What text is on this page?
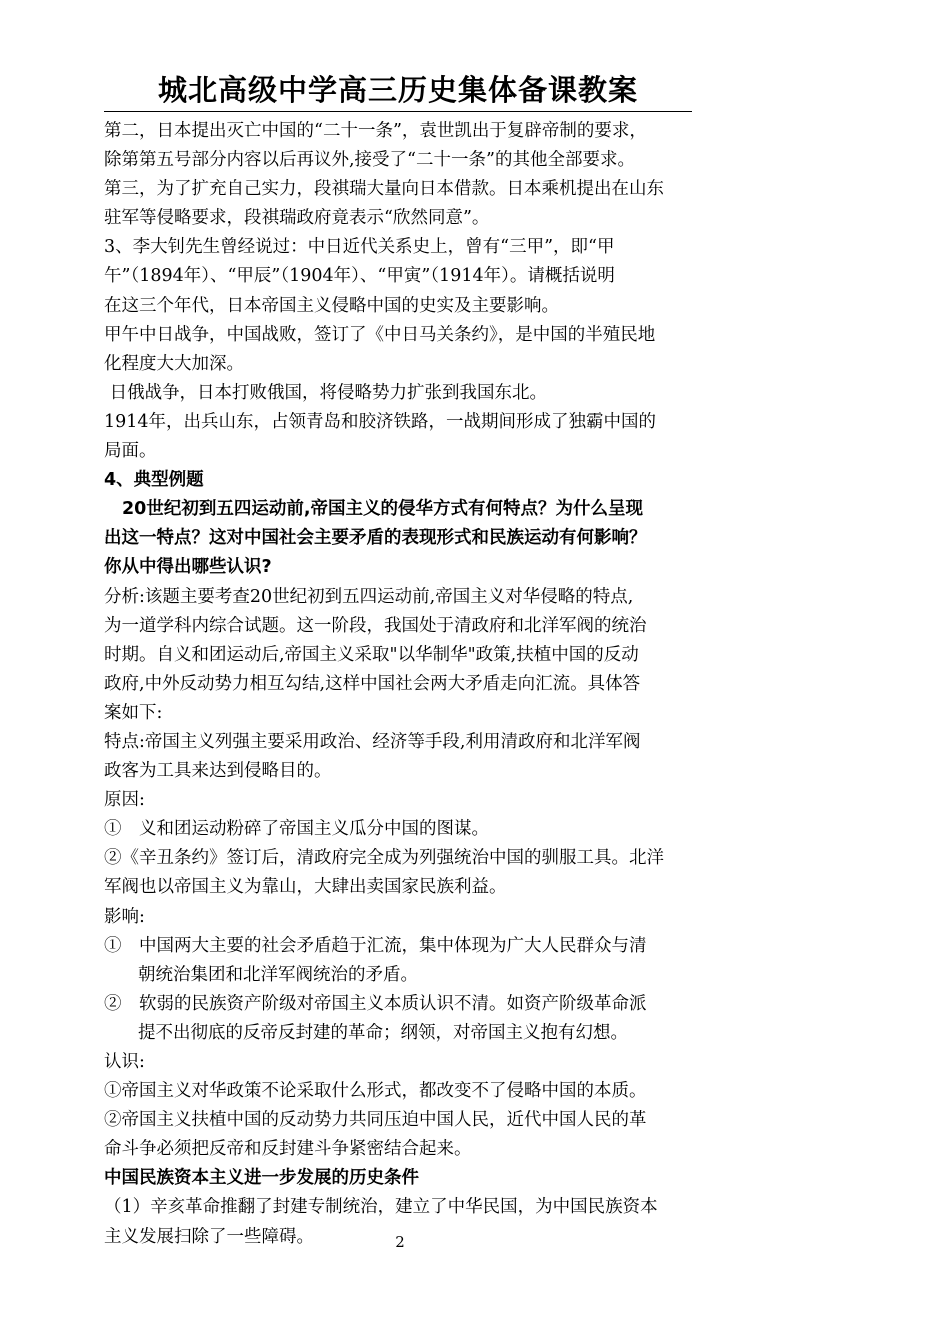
城北高级中学高三历史集体备课教案

第二，日本提出灭亡中国的“二十一条”，袁世凯出于复辟帝制的要求，

除第第五号部分内容以后再议外,接受了“二十一条”的其他全部要求。

第三，为了扩充自己实力，段祺瑞大量向日本借款。日本乘机提出在山东

驻军等侵略要求，段祺瑞政府竟表示“欣然同意”。

3、李大钊先生曾经说过：中日近代关系史上，曾有“三甲”，即“甲

午”（1894年）、“甲辰”（1904年）、“甲寅”（1914年）。请概括说明

在这三个年代，日本帝国主义侵略中国的史实及主要影响。

甲午中日战争，中国战败，签订了《中日马关条约》，是中国的半殖民地

化程度大大加深。

日俄战争，日本打败俄国，将侵略势力扩张到我国东北。

1914年，出兵山东，占领青岛和胶济铁路，一战期间形成了独霸中国的

局面。

4、典型例题

20世纪初到五四运动前,帝国主义的侵华方式有何特点？为什么呈现

出这一特点？这对中国社会主要矛盾的表现形式和民族运动有何影响？

你从中得出哪些认识?

分析:该题主要考查20世纪初到五四运动前,帝国主义对华侵略的特点,

为一道学科内综合试题。这一阶段，我国处于清政府和北洋军阀的统治

时期。自义和团运动后,帝国主义采取"以华制华"政策,扶植中国的反动

政府,中外反动势力相互勾结,这样中国社会两大矛盾走向汇流。具体答

案如下:

特点:帝国主义列强主要采用政治、经济等手段,利用清政府和北洋军阀

政客为工具来达到侵略目的。

原因:

①　义和团运动粉碎了帝国主义瓜分中国的图谋。

②《辛丑条约》签订后，清政府完全成为列强统治中国的驯服工具。北洋

军阀也以帝国主义为靠山，大肆出卖国家民族利益。

影响:

①　中国两大主要的社会矛盾趋于汇流，集中体现为广大人民群众与清

朝统治集团和北洋军阀统治的矛盾。

②　软弱的民族资产阶级对帝国主义本质认识不清。如资产阶级革命派

提不出彻底的反帝反封建的革命；纲领，对帝国主义抱有幻想。

认识:

①帝国主义对华政策不论采取什么形式，都改变不了侵略中国的本质。

②帝国主义扶植中国的反动势力共同压迫中国人民，近代中国人民的革

命斗争必须把反帝和反封建斗争紧密结合起来。

中国民族资本主义进一步发展的历史条件

（1）辛亥革命推翻了封建专制统治，建立了中华民国，为中国民族资本

主义发展扫除了一些障碍。	2
